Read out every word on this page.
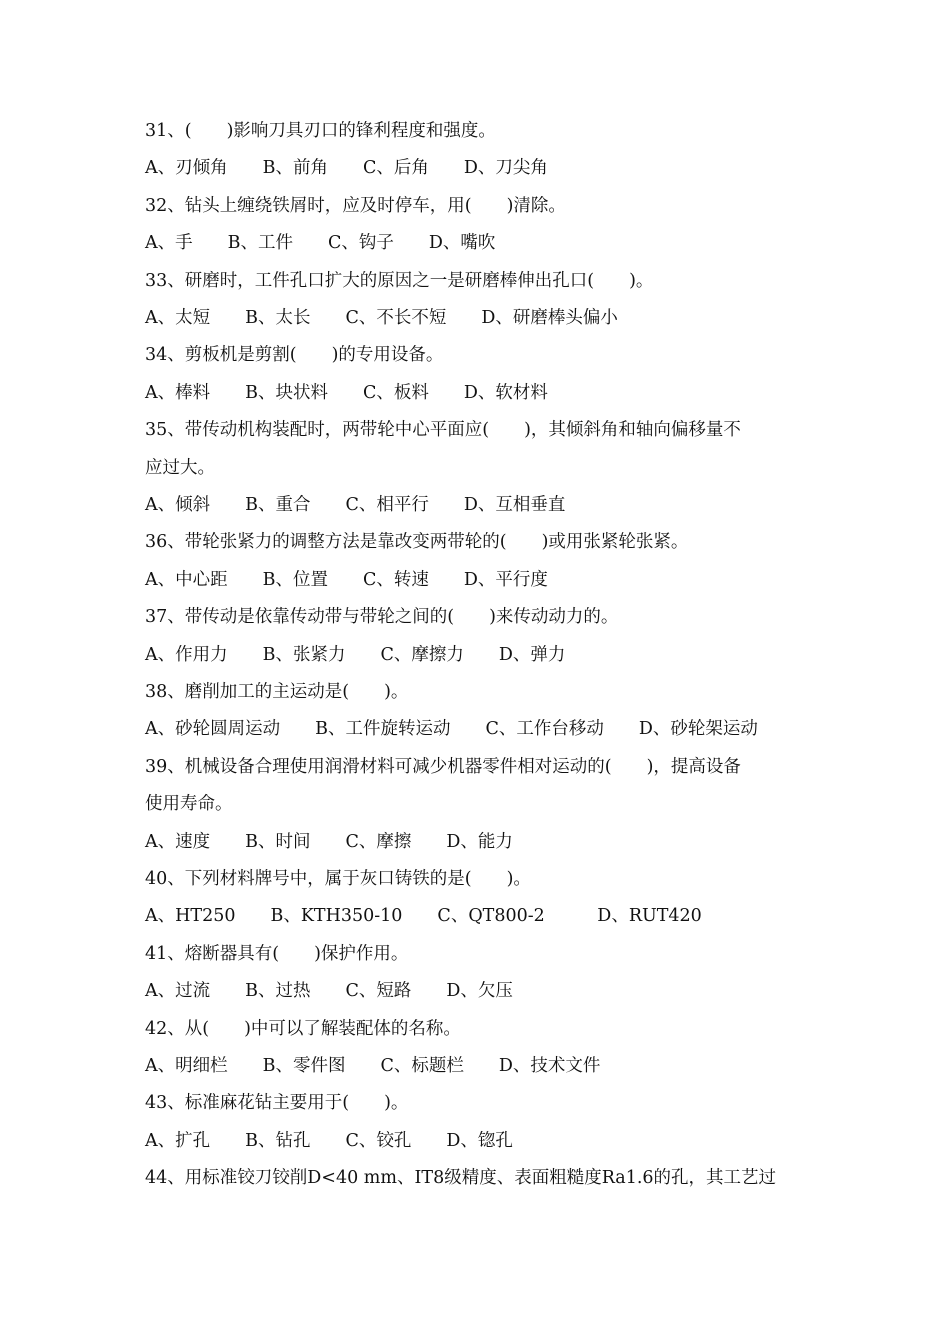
31、(　　)影响刀具刃口的锋利程度和强度。

A、刃倾角　　B、前角　　C、后角　　D、刀尖角

32、钻头上缠绕铁屑时，应及时停车，用(　　)清除。

A、手　　B、工件　　C、钩子　　D、嘴吹

33、研磨时，工件孔口扩大的原因之一是研磨棒伸出孔口(　　)。

A、太短　　B、太长　　C、不长不短　　D、研磨棒头偏小

34、剪板机是剪割(　　)的专用设备。

A、棒料　　B、块状料　　C、板料　　D、软材料

35、带传动机构装配时，两带轮中心平面应(　　)，其倾斜角和轴向偏移量不

应过大。

A、倾斜　　B、重合　　C、相平行　　D、互相垂直

36、带轮张紧力的调整方法是靠改变两带轮的(　　)或用张紧轮张紧。

A、中心距　　B、位置　　C、转速　　D、平行度

37、带传动是依靠传动带与带轮之间的(　　)来传动动力的。

A、作用力　　B、张紧力　　C、摩擦力　　D、弹力

38、磨削加工的主运动是(　　)。

A、砂轮圆周运动　　B、工件旋转运动　　C、工作台移动　　D、砂轮架运动

39、机械设备合理使用润滑材料可减少机器零件相对运动的(　　)，提高设备

使用寿命。

A、速度　　B、时间　　C、摩擦　　D、能力

40、下列材料牌号中，属于灰口铸铁的是(　　)。

A、HT250　　B、KTH350-10　　C、QT800-2　　　D、RUT420

41、熔断器具有(　　)保护作用。

A、过流　　B、过热　　C、短路　　D、欠压

42、从(　　)中可以了解装配体的名称。

A、明细栏　　B、零件图　　C、标题栏　　D、技术文件

43、标准麻花钻主要用于(　　)。

A、扩孔　　B、钻孔　　C、铰孔　　D、锪孔

44、用标准铰刀铰削D<40 mm、IT8级精度、表面粗糙度Ra1.6的孔，其工艺过
